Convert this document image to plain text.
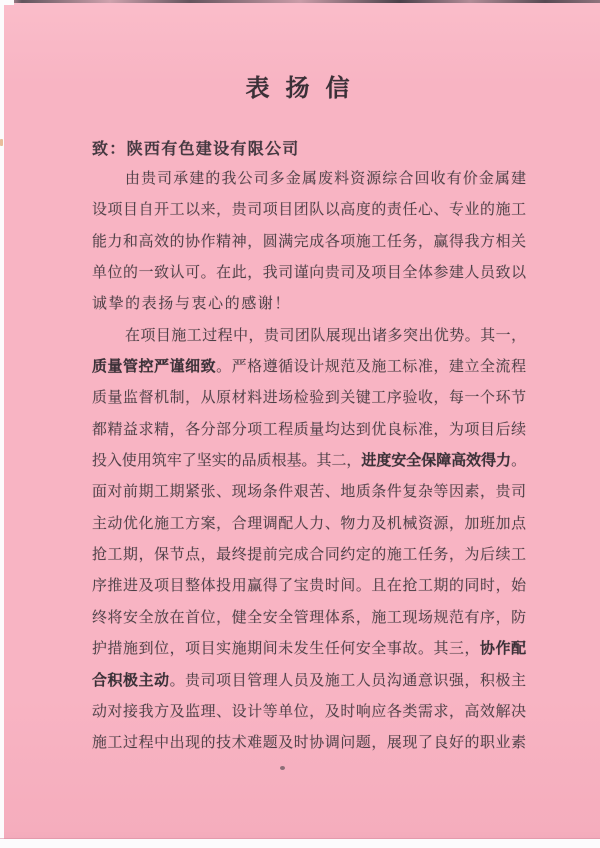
表 扬 信
致：陕西有色建设有限公司
由贵司承建的我公司多金属废料资源综合回收有价金属建
设项目自开工以来，贵司项目团队以高度的责任心、专业的施工
能力和高效的协作精神，圆满完成各项施工任务，赢得我方相关
单位的一致认可。在此，我司谨向贵司及项目全体参建人员致以
诚挚的表扬与衷心的感谢！
在项目施工过程中，贵司团队展现出诸多突出优势。其一，
质量管控严谨细致。严格遵循设计规范及施工标准，建立全流程
质量监督机制，从原材料进场检验到关键工序验收，每一个环节
都精益求精，各分部分项工程质量均达到优良标准，为项目后续
投入使用筑牢了坚实的品质根基。其二，进度安全保障高效得力。
面对前期工期紧张、现场条件艰苦、地质条件复杂等因素，贵司
主动优化施工方案，合理调配人力、物力及机械资源，加班加点
抢工期，保节点，最终提前完成合同约定的施工任务，为后续工
序推进及项目整体投用赢得了宝贵时间。且在抢工期的同时，始
终将安全放在首位，健全安全管理体系，施工现场规范有序，防
护措施到位，项目实施期间未发生任何安全事故。其三，协作配
合积极主动。贵司项目管理人员及施工人员沟通意识强，积极主
动对接我方及监理、设计等单位，及时响应各类需求，高效解决
施工过程中出现的技术难题及时协调问题，展现了良好的职业素
